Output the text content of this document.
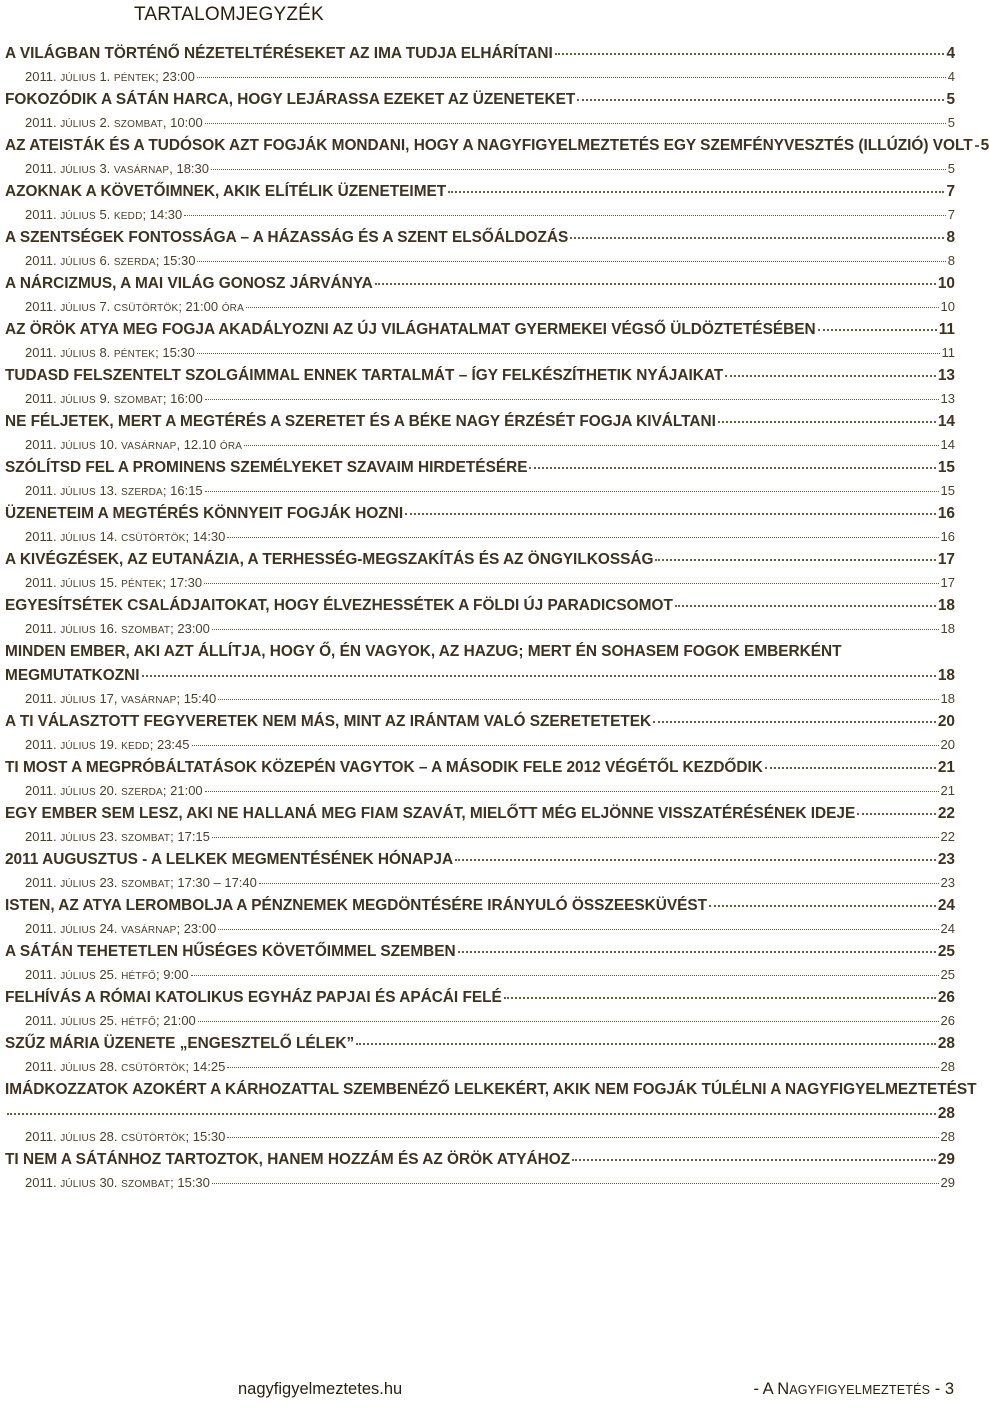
TARTALOMJEGYZÉK
A VILÁGBAN TÖRTÉNŐ NÉZETELTÉRÉSEKET AZ IMA TUDJA ELHÁRÍTANI	4
2011. JÚLIUS 1. PÉNTEK; 23:00	4
FOKOZÓDIK A SÁTÁN HARCA, HOGY LEJÁRASSA EZEKET AZ ÜZENETEKET	5
2011. JÚLIUS 2. SZOMBAT, 10:00	5
AZ ATEISTÁK ÉS A TUDÓSOK AZT FOGJÁK MONDANI, HOGY A NAGYFIGYELMEZTETÉS EGY SZEMFÉNYVESZTÉS (ILLÚZIÓ) VOLT 5
2011. JÚLIUS 3. VASÁRNAP, 18:30	5
AZOKNAK A KÖVETŐIMNEK, AKIK ELÍTÉLIK ÜZENETEIMET	7
2011. JÚLIUS 5. KEDD; 14:30	7
A SZENTSÉGEK FONTOSSÁGA – A HÁZASSÁG ÉS A SZENT ELSŐÁLDOZÁS	8
2011. JÚLIUS 6. SZERDA; 15:30	8
A NÁRCIZMUS, A MAI VILÁG GONOSZ JÁRVÁNYA	10
2011. JÚLIUS 7. CSÜTÖRTÖK; 21:00 ÓRA	10
AZ ÖRÖK ATYA MEG FOGJA AKADÁLYOZNI AZ ÚJ VILÁGHATALMAT GYERMEKEI VÉGSŐ ÜLDÖZTETÉSÉBEN	11
2011. JÚLIUS 8. PÉNTEK; 15:30	11
TUDASD FELSZENTELT SZOLGÁIMMAL ENNEK TARTALMÁT – ÍGY FELKÉSZÍTHETIK NYÁJAIKAT	13
2011. JÚLIUS 9. SZOMBAT; 16:00	13
NE FÉLJETEK, MERT A MEGTÉRÉS A SZERETET ÉS A BÉKE NAGY ÉRZÉSÉT FOGJA KIVÁLTANI	14
2011. JÚLIUS 10. VASÁRNAP, 12.10 ÓRA	14
SZÓLÍTSD FEL A PROMINENS SZEMÉLYEKET SZAVAIM HIRDETÉSÉRE	15
2011. JÚLIUS 13. SZERDA; 16:15	15
ÜZENETEIM A MEGTÉRÉS KÖNNYEIT FOGJÁK HOZNI	16
2011. JÚLIUS 14. CSÜTÖRTÖK; 14:30	16
A KIVÉGZÉSEK, AZ EUTANÁZIA, A TERHESSÉG-MEGSZAKÍTÁS ÉS AZ ÖNGYILKOSSÁG	17
2011. JÚLIUS 15. PÉNTEK; 17:30	17
EGYESÍTSÉTEK CSALÁDJAITOKAT, HOGY ÉLVEZHESSÉTEK A FÖLDI ÚJ PARADICSOMOT	18
2011. JÚLIUS 16. SZOMBAT; 23:00	18
MINDEN EMBER, AKI AZT ÁLLÍTJA, HOGY Ő, ÉN VAGYOK, AZ HAZUG; MERT ÉN SOHASEM FOGOK EMBERKÉNT
MEGMUTATKOZNI	18
2011. JÚLIUS 17, VASÁRNAP; 15:40	18
A TI VÁLASZTOTT FEGYVERETEK NEM MÁS, MINT AZ IRÁNTAM VALÓ SZERETETETEK	20
2011. JÚLIUS 19. KEDD; 23:45	20
TI MOST A MEGPRÓBÁLTATÁSOK KÖZEPÉN VAGYTOK – A MÁSODIK FELE 2012 VÉGÉTŐL KEZDŐDIK	21
2011. JÚLIUS 20. SZERDA; 21:00	21
EGY EMBER SEM LESZ, AKI NE HALLANÁ MEG FIAM SZAVÁT, MIELŐTT MÉG ELJÖNNE VISSZATÉRÉSÉNEK IDEJE	22
2011. JÚLIUS 23. SZOMBAT; 17:15	22
2011 AUGUSZTUS - A LELKEK MEGMENTÉSÉNEK HÓNAPJA	23
2011. JÚLIUS 23. SZOMBAT; 17:30 – 17:40	23
ISTEN, AZ ATYA LEROMBOLJA A PÉNZNEMEK MEGDÖNTÉSÉRE IRÁNYULÓ ÖSSZEESKÜVÉST	24
2011. JÚLIUS 24. VASÁRNAP; 23:00	24
A SÁTÁN TEHETETLEN HŰSÉGES KÖVETŐIMMEL SZEMBEN	25
2011. JÚLIUS 25. HÉTFŐ; 9:00	25
FELHÍVÁS A RÓMAI KATOLIKUS EGYHÁZ PAPJAI ÉS APÁCÁI FELÉ	26
2011. JÚLIUS 25. HÉTFŐ; 21:00	26
SZŰZ MÁRIA ÜZENETE „ENGESZTELŐ LÉLEK”	28
2011. JÚLIUS 28. CSÜTÖRTÖK; 14:25	28
IMÁDKOZZATOK AZOKÉRT A KÁRHOZATTAL SZEMBENÉZŐ LELKEKÉRT, AKIK NEM FOGJÁK TÚLÉLNI A NAGYFIGYELMEZTETÉST
28
2011. JÚLIUS 28. CSÜTÖRTÖK; 15:30	28
TI NEM A SÁTÁNHOZ TARTOZTOK, HANEM HOZZÁM ÉS AZ ÖRÖK ATYÁHOZ	29
2011. JÚLIUS 30. SZOMBAT; 15:30	29
nagyfigyelmeztetes.hu	- A NAGYFIGYELMEZTETÉS - 3
